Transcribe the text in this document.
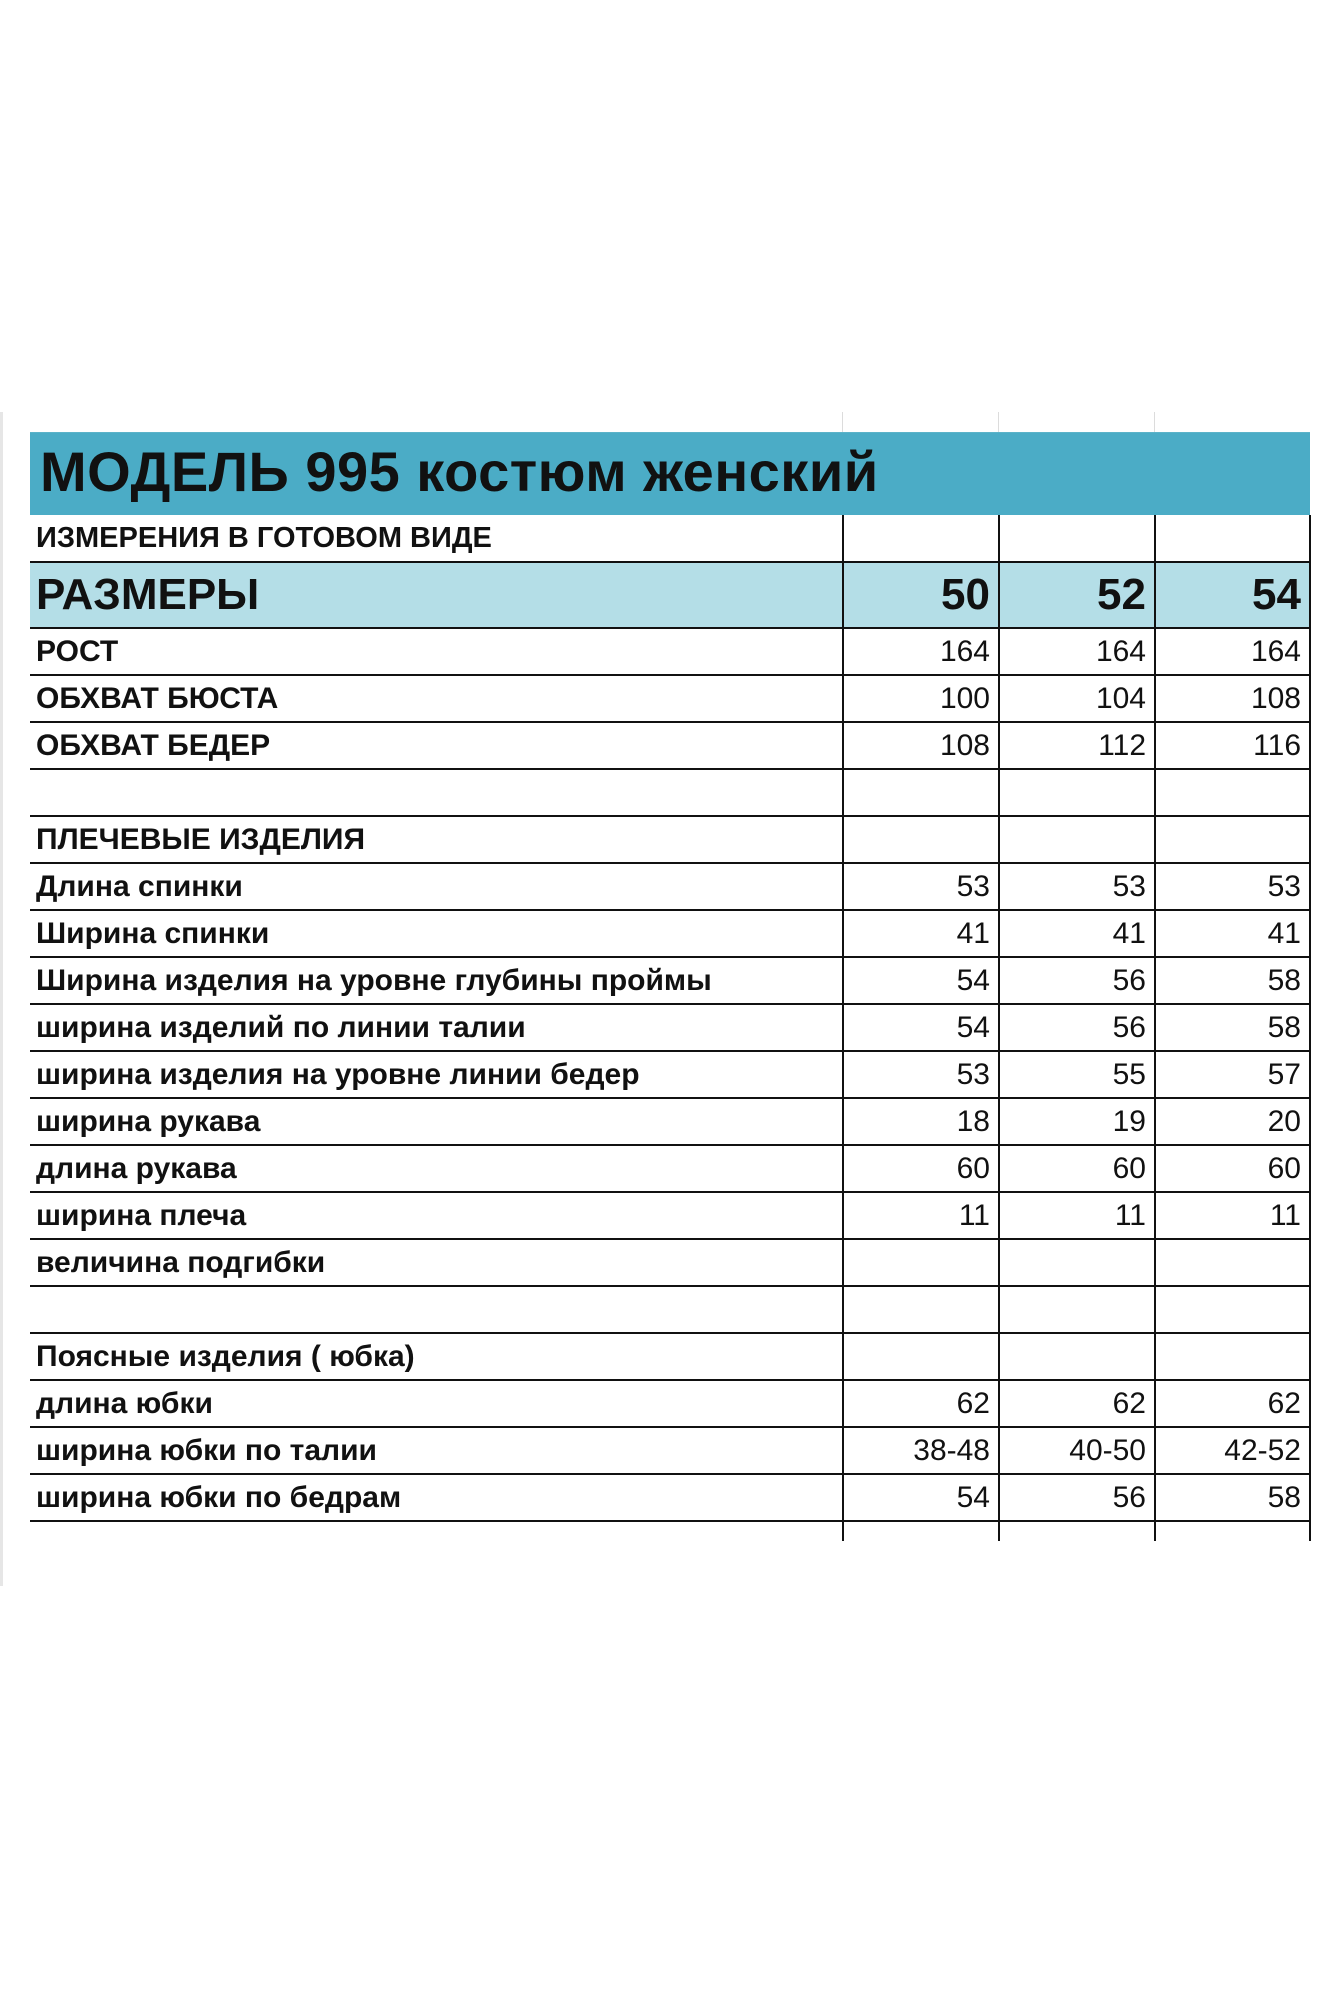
МОДЕЛЬ 995 костюм женский
ИЗМЕРЕНИЯ В ГОТОВОМ ВИДЕ			
РАЗМЕРЫ	50	52	54
РОСТ	164	164	164
ОБХВАТ БЮСТА	100	104	108
ОБХВАТ БЕДЕР	108	112	116

ПЛЕЧЕВЫЕ ИЗДЕЛИЯ			
Длина спинки	53	53	53
Ширина спинки	41	41	41
Ширина изделия на уровне глубины проймы	54	56	58
ширина изделий по линии талии	54	56	58
ширина изделия на уровне линии бедер	53	55	57
ширина рукава	18	19	20
длина рукава	60	60	60
ширина плеча	11	11	11
величина подгибки			

Поясные изделия ( юбка)			
длина юбки	62	62	62
ширина юбки по талии	38-48	40-50	42-52
ширина юбки по бедрам	54	56	58
